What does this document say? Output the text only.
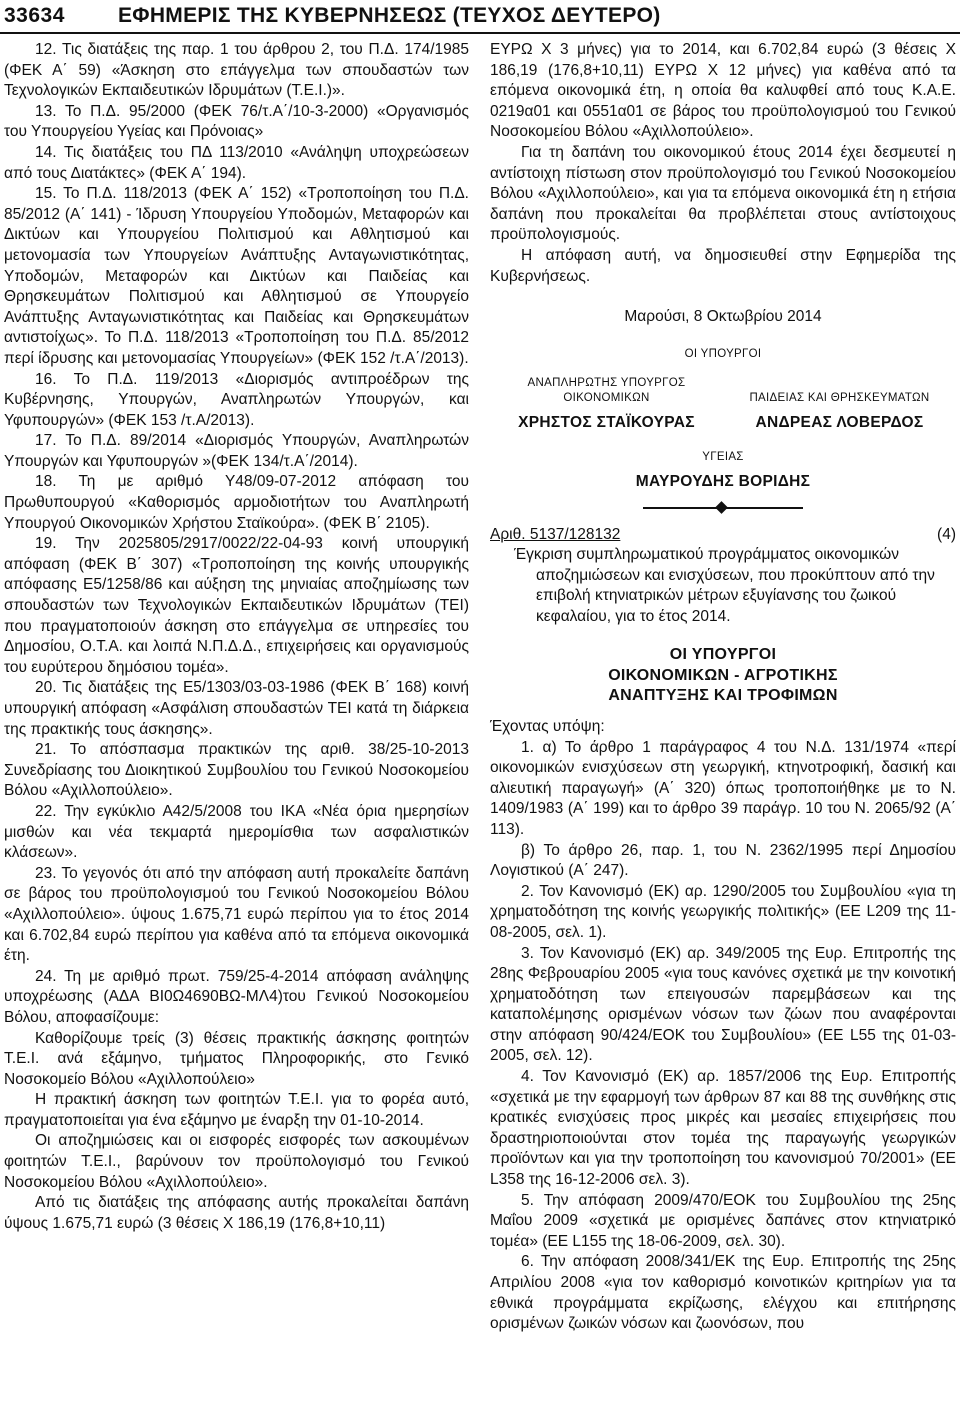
33634	ΕΦΗΜΕΡΙΣ ΤΗΣ ΚΥΒΕΡΝΗΣΕΩΣ (ΤΕΥΧΟΣ ΔΕΥΤΕΡΟ)

12. Τις διατάξεις της παρ. 1 του άρθρου 2, του Π.Δ. 174/1985 (ΦΕΚ Α΄ 59) «Άσκηση στο επάγγελμα των σπουδαστών των Τεχνολογικών Εκπαιδευτικών Ιδρυμάτων (Τ.Ε.Ι.)».

13. Το Π.Δ. 95/2000 (ΦΕΚ 76/τ.Α΄/10-3-2000) «Οργανισμός του Υπουργείου Υγείας και Πρόνοιας»

14. Τις διατάξεις του ΠΔ 113/2010 «Ανάληψη υποχρεώσεων από τους Διατάκτες» (ΦΕΚ Α΄ 194).

15. Το Π.Δ. 118/2013 (ΦΕΚ Α΄ 152) «Τροποποίηση του Π.Δ. 85/2012 (Α΄ 141) - Ίδρυση Υπουργείου Υποδομών, Μεταφορών και Δικτύων και Υπουργείου Πολιτισμού και Αθλητισμού και μετονομασία των Υπουργείων Ανάπτυξης Ανταγωνιστικότητας, Υποδομών, Μεταφορών και Δικτύων και Παιδείας και Θρησκευμάτων Πολιτισμού και Αθλητισμού σε Υπουργείο Ανάπτυξης Ανταγωνιστικότητας και Παιδείας και Θρησκευμάτων αντιστοίχως». Το Π.Δ. 118/2013 «Τροποποίηση του Π.Δ. 85/2012 περί ίδρυσης και μετονομασίας Υπουργείων» (ΦΕΚ 152 /τ.Α΄/2013).

16. Το Π.Δ. 119/2013 «Διορισμός αντιπροέδρων της Κυβέρνησης, Υπουργών, Αναπληρωτών Υπουργών, και Υφυπουργών» (ΦΕΚ 153 /τ.Α/2013).

17. Το Π.Δ. 89/2014 «Διορισμός Υπουργών, Αναπληρωτών Υπουργών και Υφυπουργών »(ΦΕΚ 134/τ.Α΄/2014).

18. Τη με αριθμό Υ48/09-07-2012 απόφαση του Πρωθυπουργού «Καθορισμός αρμοδιοτήτων του Αναπληρωτή Υπουργού Οικονομικών Χρήστου Σταϊκούρα». (ΦΕΚ Β΄ 2105).

19. Την 2025805/2917/0022/22-04-93 κοινή υπουργική απόφαση (ΦΕΚ Β΄ 307) «Τροποποίηση της κοινής υπουργικής απόφασης Ε5/1258/86 και αύξηση της μηνιαίας αποζημίωσης των σπουδαστών των Τεχνολογικών Εκπαιδευτικών Ιδρυμάτων (ΤΕΙ) που πραγματοποιούν άσκηση στο επάγγελμα σε υπηρεσίες του Δημοσίου, Ο.Τ.Α. και λοιπά Ν.Π.Δ.Δ., επιχειρήσεις και οργανισμούς του ευρύτερου δημόσιου τομέα».

20. Τις διατάξεις της Ε5/1303/03-03-1986 (ΦΕΚ Β΄ 168) κοινή υπουργική απόφαση «Ασφάλιση σπουδαστών ΤΕΙ κατά τη διάρκεια της πρακτικής τους άσκησης».

21. Το απόσπασμα πρακτικών της αριθ. 38/25-10-2013 Συνεδρίασης του Διοικητικού Συμβουλίου του Γενικού Νοσοκομείου Βόλου «Αχιλλοπούλειο».

22. Την εγκύκλιο Α42/5/2008 του ΙΚΑ «Νέα όρια ημερησίων μισθών και νέα τεκμαρτά ημερομίσθια των ασφαλιστικών κλάσεων».

23. Το γεγονός ότι από την απόφαση αυτή προκαλείτε δαπάνη σε βάρος του προϋπολογισμού του Γενικού Νοσοκομείου Βόλου «Αχιλλοπούλειο». ύψους 1.675,71 ευρώ περίπου για το έτος 2014 και 6.702,84 ευρώ περίπου για καθένα από τα επόμενα οικονομικά έτη.

24. Τη με αριθμό πρωτ. 759/25-4-2014 απόφαση ανάληψης υποχρέωσης (ΑΔΑ ΒΙ0Ω4690ΒΩ-ΜΛ4)του Γενικού Νοσοκομείου Βόλου, αποφασίζουμε:

Καθορίζουμε τρείς (3) θέσεις πρακτικής άσκησης φοιτητών Τ.Ε.Ι. ανά εξάμηνο, τμήματος Πληροφορικής, στο Γενικό Νοσοκομείο Βόλου «Αχιλλοπούλειο»

Η πρακτική άσκηση των φοιτητών Τ.Ε.Ι. για το φορέα αυτό, πραγματοποιείται για ένα εξάμηνο με έναρξη την 01-10-2014.

Οι αποζημιώσεις και οι εισφορές εισφορές των ασκουμένων φοιτητών Τ.Ε.Ι., βαρύνουν τον προϋπολογισμό του Γενικού Νοσοκομείου Βόλου «Αχιλλοπούλειο».

Από τις διατάξεις της απόφασης αυτής προκαλείται δαπάνη ύψους 1.675,71 ευρώ (3 θέσεις Χ 186,19 (176,8+10,11)

ΕΥΡΩ Χ 3 μήνες) για το 2014, και 6.702,84 ευρώ (3 θέσεις Χ 186,19 (176,8+10,11) ΕΥΡΩ Χ 12 μήνες) για καθένα από τα επόμενα οικονομικά έτη, η οποία θα καλυφθεί από τους Κ.Α.Ε. 0219α01 και 0551α01 σε βάρος του προϋπολογισμού του Γενικού Νοσοκομείου Βόλου «Αχιλλοπούλειο».

Για τη δαπάνη του οικονομικού έτους 2014 έχει δεσμευτεί η αντίστοιχη πίστωση στον προϋπολογισμό του Γενικού Νοσοκομείου Βόλου «Αχιλλοπούλειο», και για τα επόμενα οικονομικά έτη η ετήσια δαπάνη που προκαλείται θα προβλέπεται στους αντίστοιχους προϋπολογισμούς.

Η απόφαση αυτή, να δημοσιευθεί στην Εφημερίδα της Κυβερνήσεως.

Μαρούσι, 8 Οκτωβρίου 2014
ΟΙ ΥΠΟΥΡΓΟΙ
ΑΝΑΠΛΗΡΩΤΗΣ ΥΠΟΥΡΓΟΣ
ΟΙΚΟΝΟΜΙΚΩΝ
ΧΡΗΣΤΟΣ ΣΤΑΪΚΟΥΡΑΣ
ΠΑΙΔΕΙΑΣ ΚΑΙ ΘΡΗΣΚΕΥΜΑΤΩΝ
ΑΝΔΡΕΑΣ ΛΟΒΕΡΔΟΣ
ΥΓΕΙΑΣ
ΜΑΥΡΟΥΔΗΣ ΒΟΡΙΔΗΣ
Αριθ. 5137/128132	(4)

Έγκριση συμπληρωματικού προγράμματος οικονομικών αποζημιώσεων και ενισχύσεων, που προκύπτουν από την επιβολή κτηνιατρικών μέτρων εξυγίανσης του ζωικού κεφαλαίου, για το έτος 2014.

ΟΙ ΥΠΟΥΡΓΟΙ
ΟΙΚΟΝΟΜΙΚΩΝ - ΑΓΡΟΤΙΚΗΣ
ΑΝΑΠΤΥΞΗΣ ΚΑΙ ΤΡΟΦΙΜΩΝ

Έχοντας υπόψη:

1. α) Το άρθρο 1 παράγραφος 4 του Ν.Δ. 131/1974 «περί οικονομικών ενισχύσεων στη γεωργική, κτηνοτροφική, δασική και αλιευτική παραγωγή» (Α΄ 320) όπως τροποποιήθηκε με το Ν. 1409/1983 (Α΄ 199) και το άρθρο 39 παράγρ. 10 του Ν. 2065/92 (Α΄ 113).

β) Το άρθρο 26, παρ. 1, του Ν. 2362/1995 περί Δημοσίου Λογιστικού (Α΄ 247).

2. Τον Κανονισμό (ΕΚ) αρ. 1290/2005 του Συμβουλίου «για τη χρηματοδότηση της κοινής γεωργικής πολιτικής» (ΕΕ L209 της 11-08-2005, σελ. 1).

3. Τον Κανονισμό (ΕΚ) αρ. 349/2005 της Ευρ. Επιτροπής της 28ης Φεβρουαρίου 2005 «για τους κανόνες σχετικά με την κοινοτική χρηματοδότηση των επειγουσών παρεμβάσεων και της καταπολέμησης ορισμένων νόσων των ζώων που αναφέρονται στην απόφαση 90/424/ΕΟΚ του Συμβουλίου» (ΕΕ L55 της 01-03-2005, σελ. 12).

4. Τον Κανονισμό (ΕΚ) αρ. 1857/2006 της Ευρ. Επιτροπής «σχετικά με την εφαρμογή των άρθρων 87 και 88 της συνθήκης στις κρατικές ενισχύσεις προς μικρές και μεσαίες επιχειρήσεις που δραστηριοποιούνται στον τομέα της παραγωγής γεωργικών προϊόντων και για την τροποποίηση του κανονισμού 70/2001» (ΕΕ L358 της 16-12-2006 σελ. 3).

5. Την απόφαση 2009/470/ΕΟΚ του Συμβουλίου της 25ης Μαΐου 2009 «σχετικά με ορισμένες δαπάνες στον κτηνιατρικό τομέα» (ΕΕ L155 της 18-06-2009, σελ. 30).

6. Την απόφαση 2008/341/ΕΚ της Ευρ. Επιτροπής της 25ης Απριλίου 2008 «για τον καθορισμό κοινοτικών κριτηρίων για τα εθνικά προγράμματα εκρίζωσης, ελέγχου και επιτήρησης ορισμένων ζωικών νόσων και ζωονόσων, που
